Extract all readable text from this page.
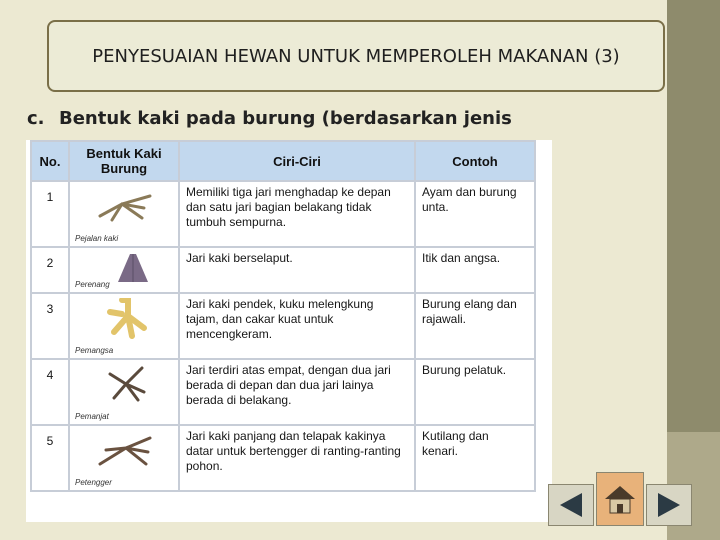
PENYESUAIAN HEWAN UNTUK MEMPEROLEH MAKANAN (3)
c. Bentuk kaki pada burung (berdasarkan jenis
No.	Bentuk Kaki Burung	Ciri-Ciri	Contoh
1	Pejalan kaki	Memiliki tiga jari menghadap ke depan dan satu jari bagian belakang tidak tumbuh sempurna.	Ayam dan burung unta.
2	Perenang	Jari kaki berselaput.	Itik dan angsa.
3	Pemangsa	Jari kaki pendek, kuku melengkung tajam, dan cakar kuat untuk mencengkeram.	Burung elang dan rajawali.
4	Pemanjat	Jari terdiri atas empat, dengan dua jari berada di depan dan dua jari lainya berada di belakang.	Burung pelatuk.
5	Petengger	Jari kaki panjang dan telapak kakinya datar untuk bertengger di ranting-ranting pohon.	Kutilang dan kenari.
